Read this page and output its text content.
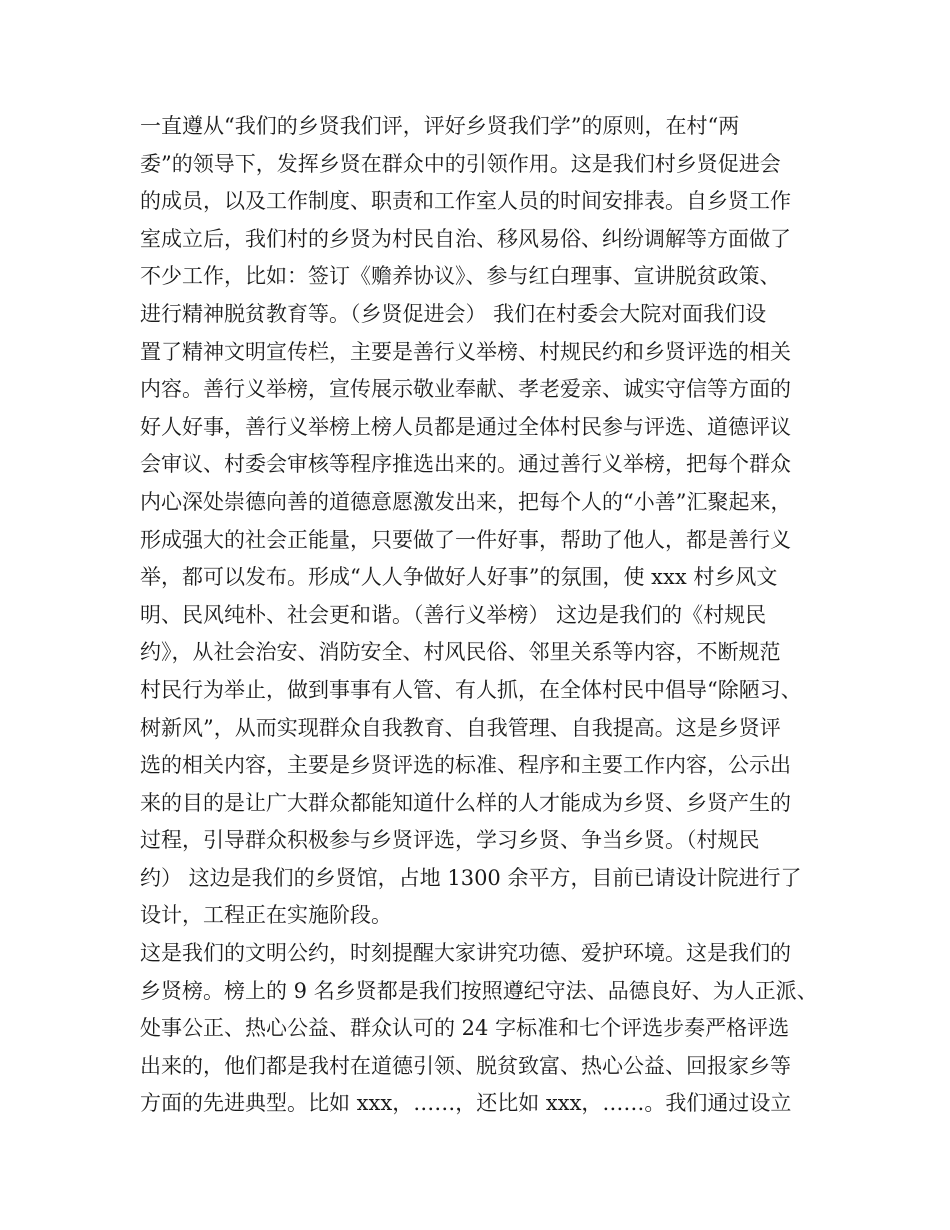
一直遵从“我们的乡贤我们评，评好乡贤我们学”的原则，在村“两
委”的领导下，发挥乡贤在群众中的引领作用。这是我们村乡贤促进会
的成员，以及工作制度、职责和工作室人员的时间安排表。自乡贤工作
室成立后，我们村的乡贤为村民自治、移风易俗、纠纷调解等方面做了
不少工作，比如：签订《赡养协议》、参与红白理事、宣讲脱贫政策、
进行精神脱贫教育等。（乡贤促进会） 我们在村委会大院对面我们设
置了精神文明宣传栏，主要是善行义举榜、村规民约和乡贤评选的相关
内容。善行义举榜，宣传展示敬业奉献、孝老爱亲、诚实守信等方面的
好人好事，善行义举榜上榜人员都是通过全体村民参与评选、道德评议
会审议、村委会审核等程序推选出来的。通过善行义举榜，把每个群众
内心深处崇德向善的道德意愿激发出来，把每个人的“小善”汇聚起来，
形成强大的社会正能量，只要做了一件好事，帮助了他人，都是善行义
举，都可以发布。形成“人人争做好人好事”的氛围，使 xxx 村乡风文
明、民风纯朴、社会更和谐。（善行义举榜） 这边是我们的《村规民
约》，从社会治安、消防安全、村风民俗、邻里关系等内容，不断规范
村民行为举止，做到事事有人管、有人抓，在全体村民中倡导“除陋习、
树新风”，从而实现群众自我教育、自我管理、自我提高。这是乡贤评
选的相关内容，主要是乡贤评选的标准、程序和主要工作内容，公示出
来的目的是让广大群众都能知道什么样的人才能成为乡贤、乡贤产生的
过程，引导群众积极参与乡贤评选，学习乡贤、争当乡贤。（村规民
约） 这边是我们的乡贤馆，占地 1300 余平方，目前已请设计院进行了
设计，工程正在实施阶段。

这是我们的文明公约，时刻提醒大家讲究功德、爱护环境。这是我们的
乡贤榜。榜上的 9 名乡贤都是我们按照遵纪守法、品德良好、为人正派、
处事公正、热心公益、群众认可的 24 字标准和七个评选步奏严格评选
出来的，他们都是我村在道德引领、脱贫致富、热心公益、回报家乡等
方面的先进典型。比如 xxx，……，还比如 xxx，……。我们通过设立
